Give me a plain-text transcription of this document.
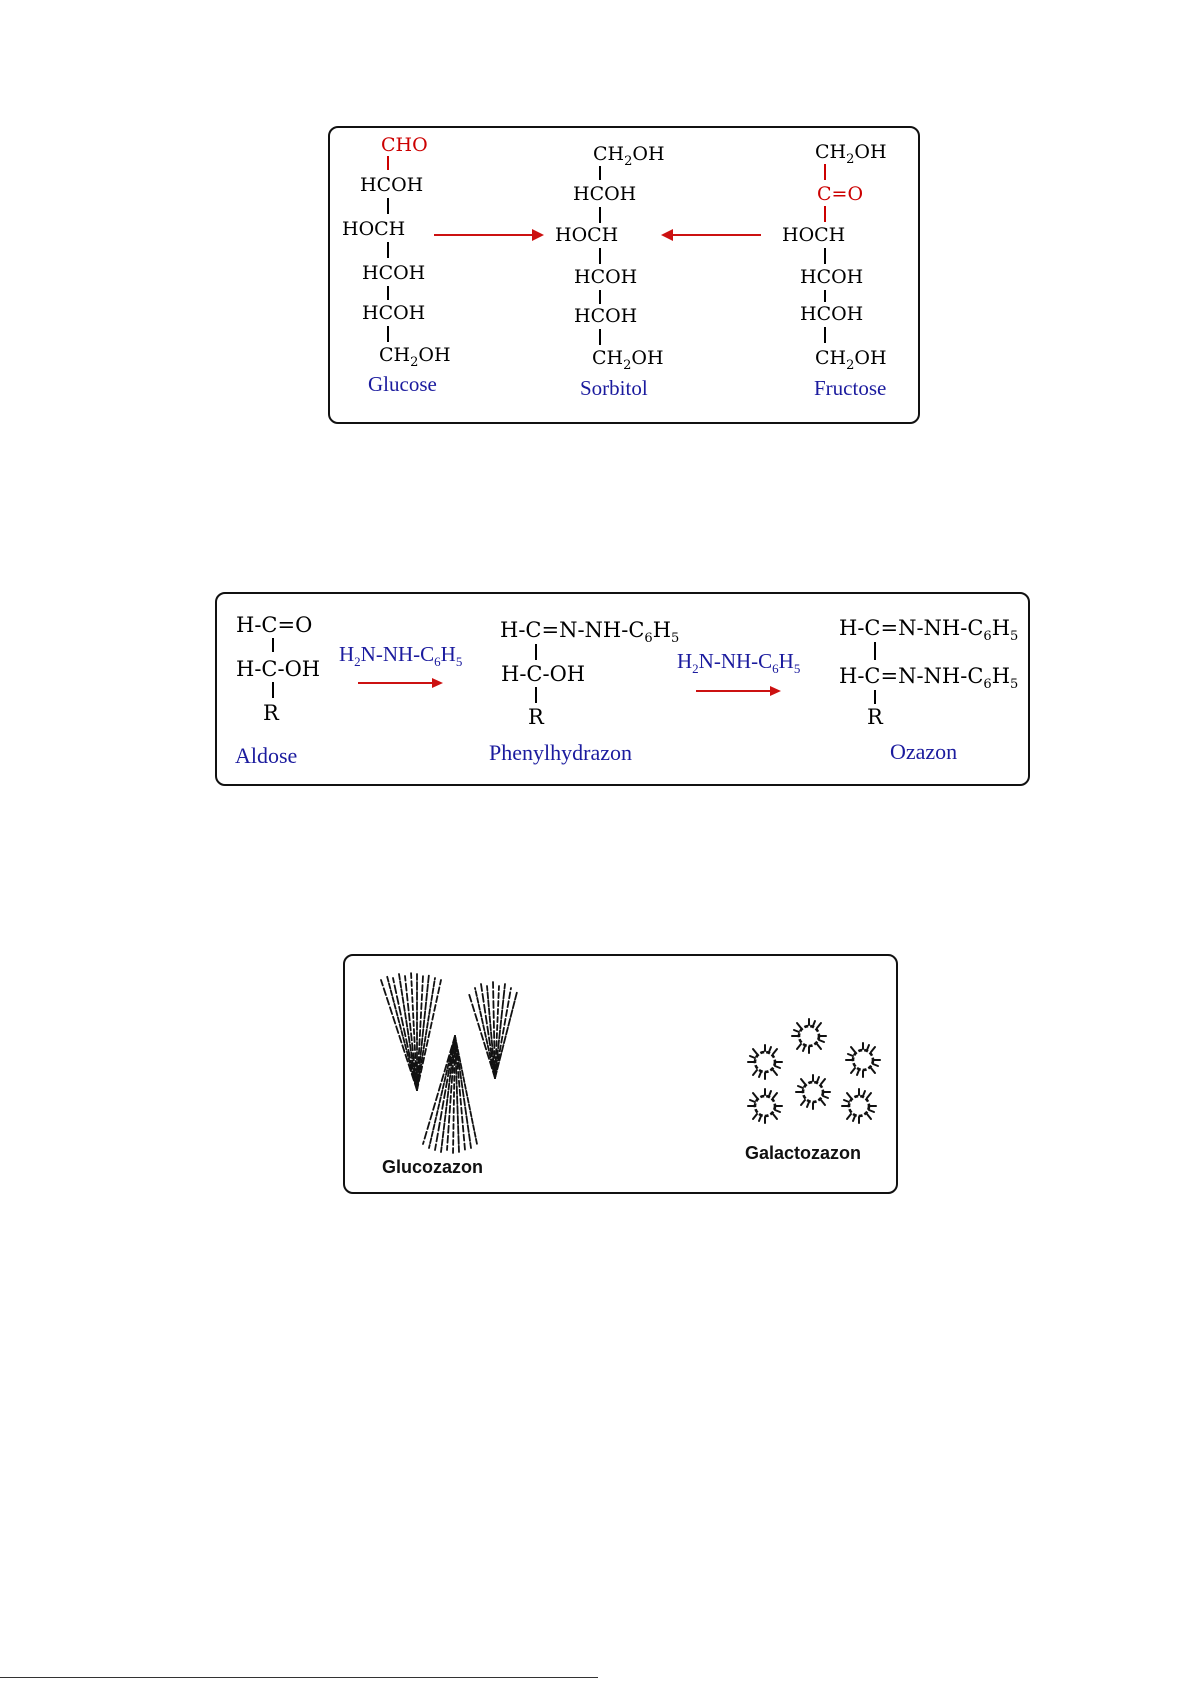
CHO
HCOH
HOCH
HCOH
HCOH
$CH_2OH$
Glucose
$CH_2OH$
HCOH
HOCH
HCOH
HCOH
$CH_2OH$
Sorbitol
$CH_2OH$
C=O
HOCH
HCOH
HCOH
$CH_2OH$
Fructose
H-C=O
H-C-OH
R
Aldose
$H_2N-NH-C_6H_5$
$H-C=N-NH-C_6H_5$
H-C-OH
R
Phenylhydrazon
$H_2N-NH-C_6H_5$
$H-C=N-NH-C_6H_5$
$H-C=N-NH-C_6H_5$
R
Ozazon
Glucozazon
Galactozazon
